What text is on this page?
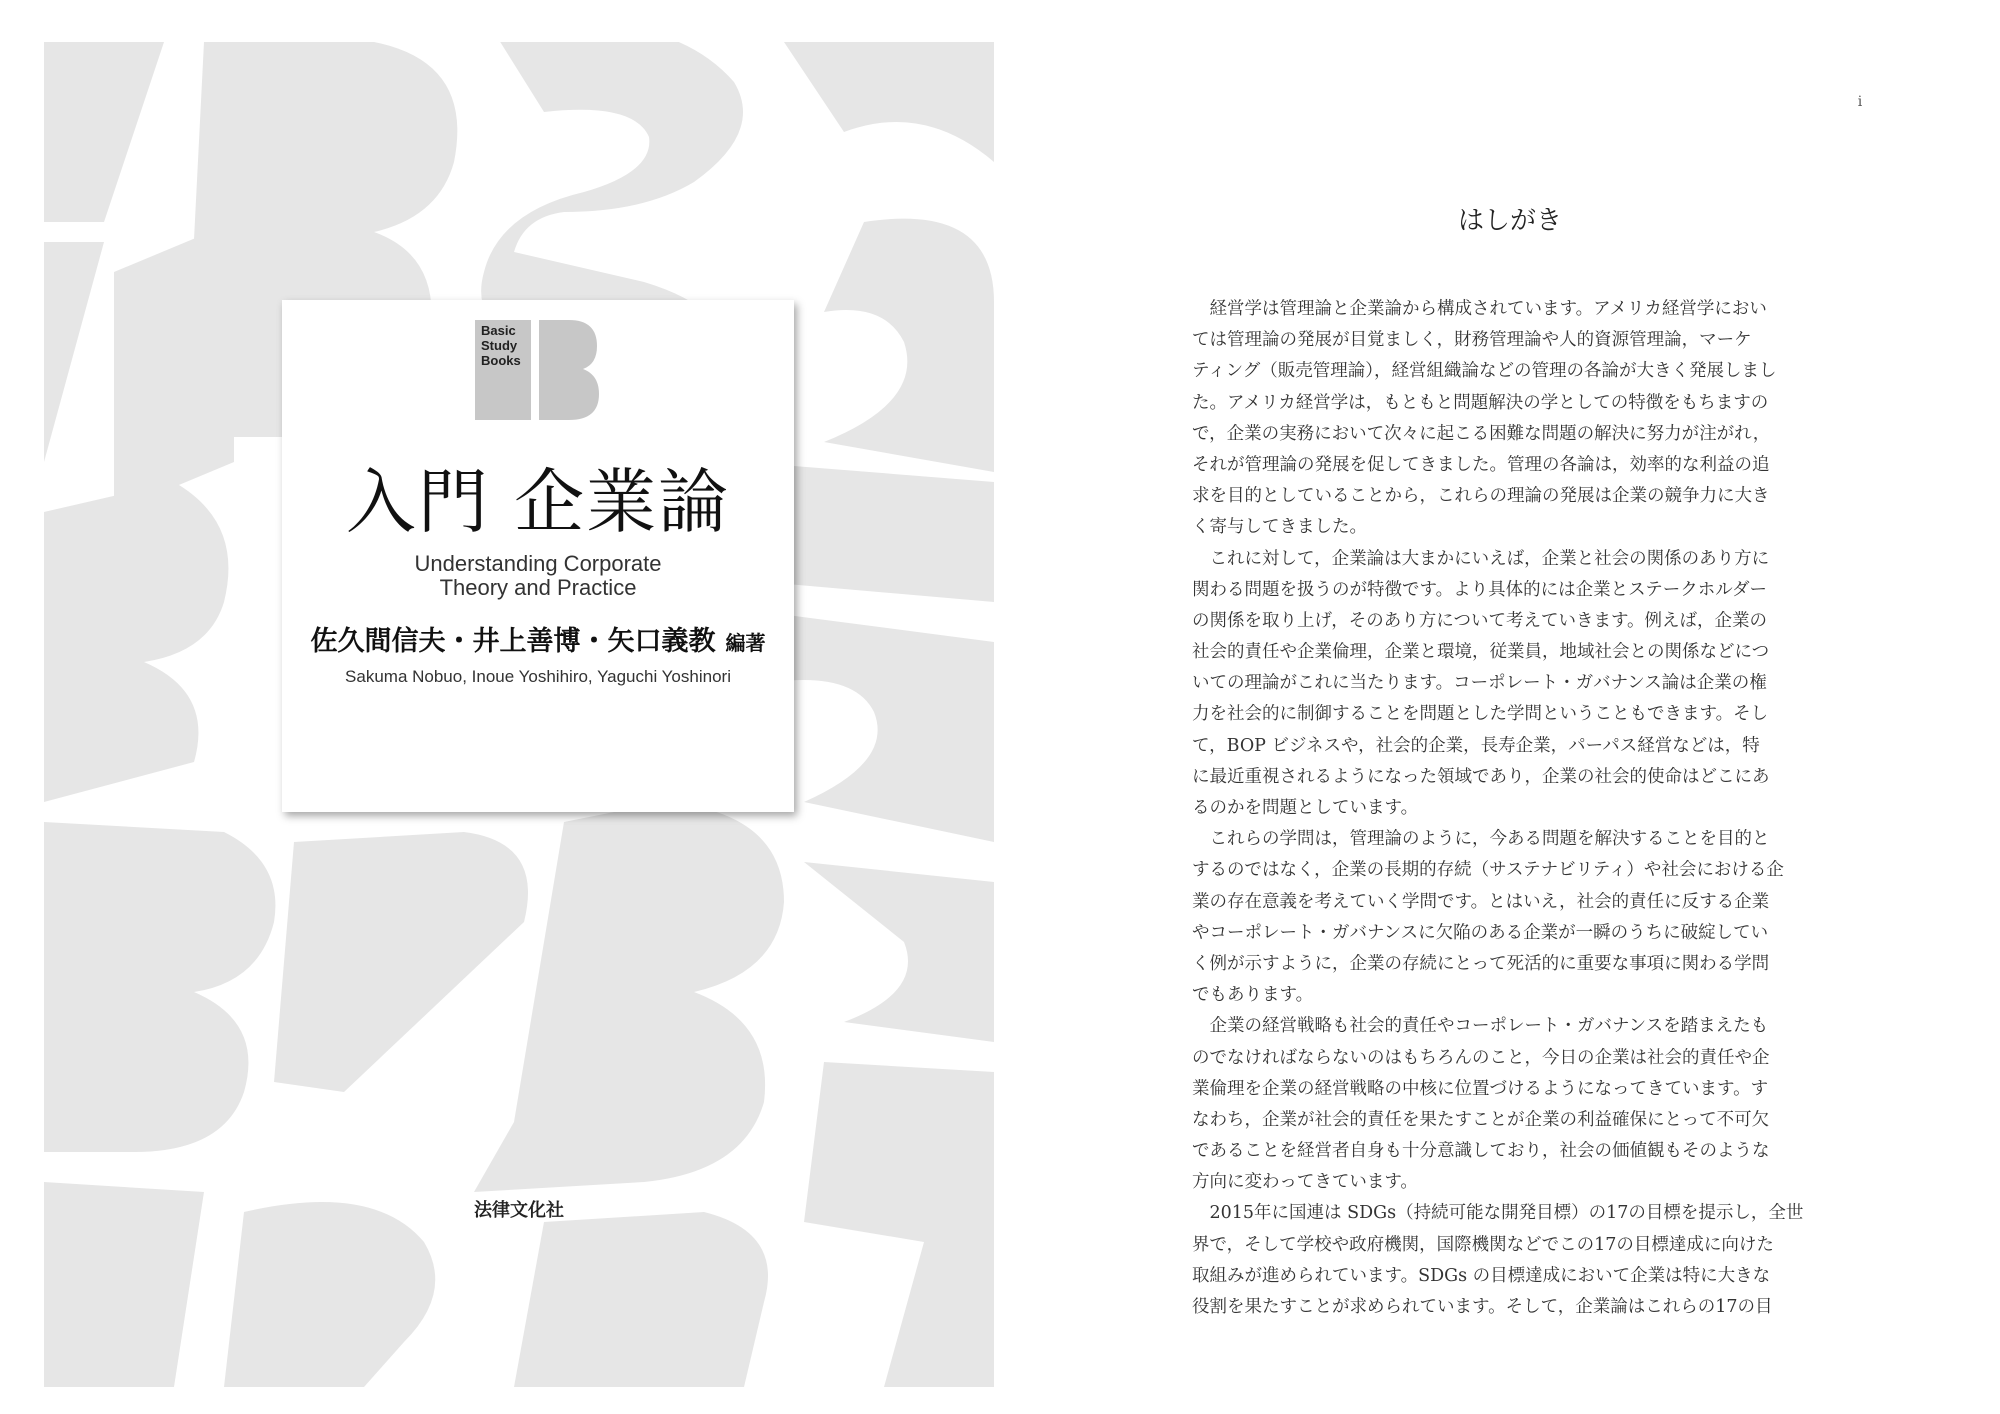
Basic
Study
Books
入門 企業論
Understanding Corporate
Theory and Practice
佐久間信夫・井上善博・矢口義教 編著
Sakuma Nobuo, Inoue Yoshihiro, Yaguchi Yoshinori
法律文化社
i
はしがき
　経営学は管理論と企業論から構成されています。アメリカ経営学におい
ては管理論の発展が目覚ましく，財務管理論や人的資源管理論，マーケ
ティング（販売管理論），経営組織論などの管理の各論が大きく発展しまし
た。アメリカ経営学は，もともと問題解決の学としての特徴をもちますの
で，企業の実務において次々に起こる困難な問題の解決に努力が注がれ，
それが管理論の発展を促してきました。管理の各論は，効率的な利益の追
求を目的としていることから，これらの理論の発展は企業の競争力に大き
く寄与してきました。
　これに対して，企業論は大まかにいえば，企業と社会の関係のあり方に
関わる問題を扱うのが特徴です。より具体的には企業とステークホルダー
の関係を取り上げ，そのあり方について考えていきます。例えば，企業の
社会的責任や企業倫理，企業と環境，従業員，地域社会との関係などにつ
いての理論がこれに当たります。コーポレート・ガバナンス論は企業の権
力を社会的に制御することを問題とした学問ということもできます。そし
て，BOP ビジネスや，社会的企業，長寿企業，パーパス経営などは，特
に最近重視されるようになった領域であり，企業の社会的使命はどこにあ
るのかを問題としています。
　これらの学問は，管理論のように，今ある問題を解決することを目的と
するのではなく，企業の長期的存続（サステナビリティ）や社会における企
業の存在意義を考えていく学問です。とはいえ，社会的責任に反する企業
やコーポレート・ガバナンスに欠陥のある企業が一瞬のうちに破綻してい
く例が示すように，企業の存続にとって死活的に重要な事項に関わる学問
でもあります。
　企業の経営戦略も社会的責任やコーポレート・ガバナンスを踏まえたも
のでなければならないのはもちろんのこと，今日の企業は社会的責任や企
業倫理を企業の経営戦略の中核に位置づけるようになってきています。す
なわち，企業が社会的責任を果たすことが企業の利益確保にとって不可欠
であることを経営者自身も十分意識しており，社会の価値観もそのような
方向に変わってきています。
　2015年に国連は SDGs（持続可能な開発目標）の17の目標を提示し，全世
界で，そして学校や政府機関，国際機関などでこの17の目標達成に向けた
取組みが進められています。SDGs の目標達成において企業は特に大きな
役割を果たすことが求められています。そして，企業論はこれらの17の目
